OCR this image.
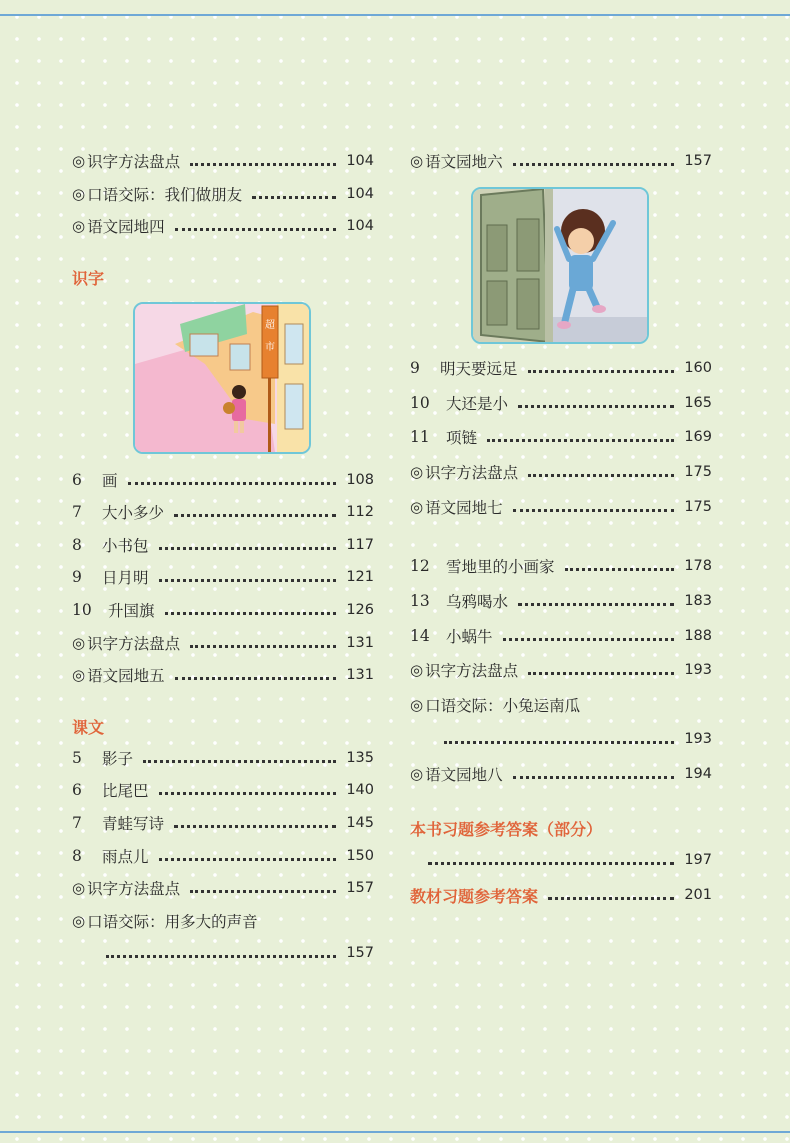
◎ 识字方法盘点	104
◎ 口语交际：我们做朋友	104
◎ 语文园地四	104
识字
超
市
6	画	108
7	大小多少	112
8	小书包	117
9	日月明	121
10	升国旗	126
◎ 识字方法盘点	131
◎ 语文园地五	131
课文
5	影子	135
6	比尾巴	140
7	青蛙写诗	145
8	雨点儿	150
◎ 识字方法盘点	157
◎ 口语交际：用多大的声音
157
◎ 语文园地六	157
9	明天要远足	160
10	大还是小	165
11	项链	169
◎ 识字方法盘点	175
◎ 语文园地七	175
12	雪地里的小画家	178
13	乌鸦喝水	183
14	小蜗牛	188
◎ 识字方法盘点	193
◎ 口语交际：小兔运南瓜
193
◎ 语文园地八	194
本书习题参考答案（部分）
197
教材习题参考答案	201
